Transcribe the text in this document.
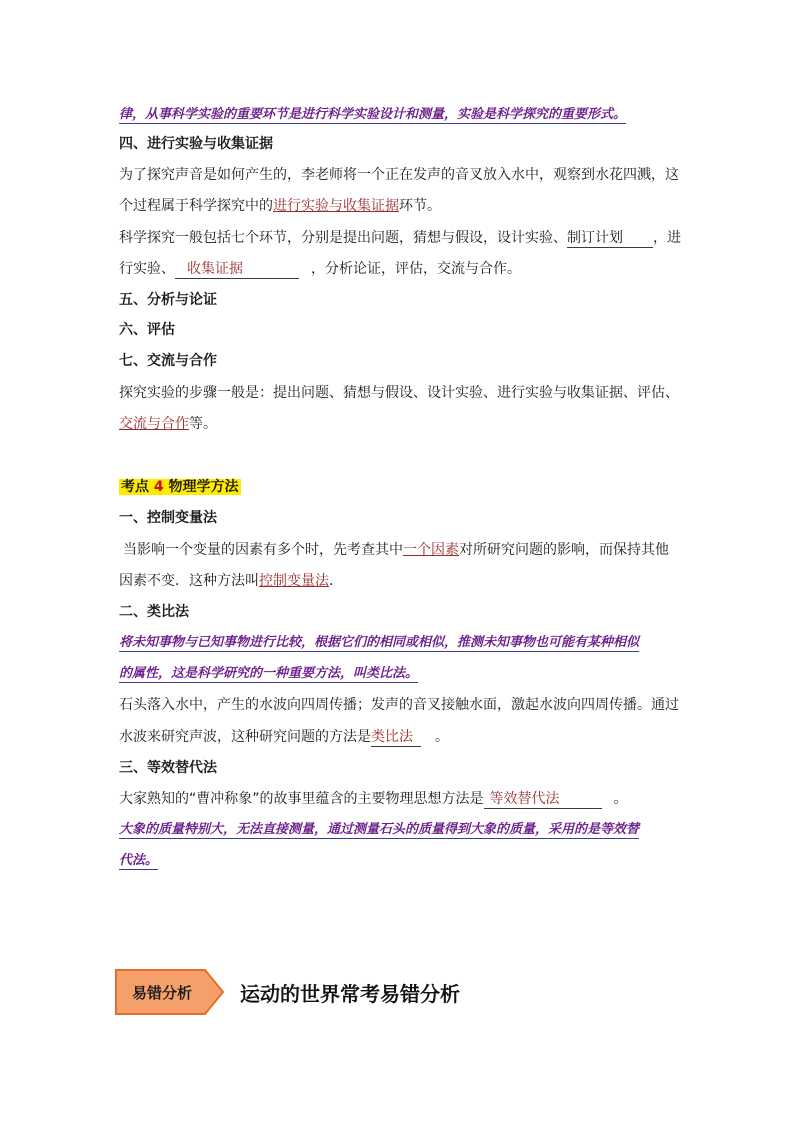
律，从事科学实验的重要环节是进行科学实验设计和测量，实验是科学探究的重要形式。
四、进行实验与收集证据
为了探究声音是如何产生的，李老师将一个正在发声的音叉放入水中，观察到水花四溅，这
个过程属于科学探究中的进行实验与收集证据环节。
科学探究一般包括七个环节，分别是提出问题，猜想与假设，设计实验、制订计划 ，进
行实验、 收集证据	，分析论证，评估，交流与合作。
五、分析与论证
六、评估
七、交流与合作
探究实验的步骤一般是：提出问题、猜想与假设、设计实验、进行实验与收集证据、评估、
交流与合作等。
考点 4 物理学方法
一、控制变量法
当影响一个变量的因素有多个时，先考查其中一个因素对所研究问题的影响，而保持其他
因素不变．这种方法叫控制变量法．
二、类比法
将未知事物与已知事物进行比较，根据它们的相同或相似，推测未知事物也可能有某种相似
的属性，这是科学研究的一种重要方法，叫类比法。
石头落入水中，产生的水波向四周传播；发声的音叉接触水面，激起水波向四周传播。通过
水波来研究声波，这种研究问题的方法是类比法 。
三、等效替代法
大家熟知的“曹冲称象”的故事里蕴含的主要物理思想方法是 等效替代法	。
大象的质量特别大，无法直接测量，通过测量石头的质量得到大象的质量，采用的是等效替
代法。
易错分析 运动的世界常考易错分析
